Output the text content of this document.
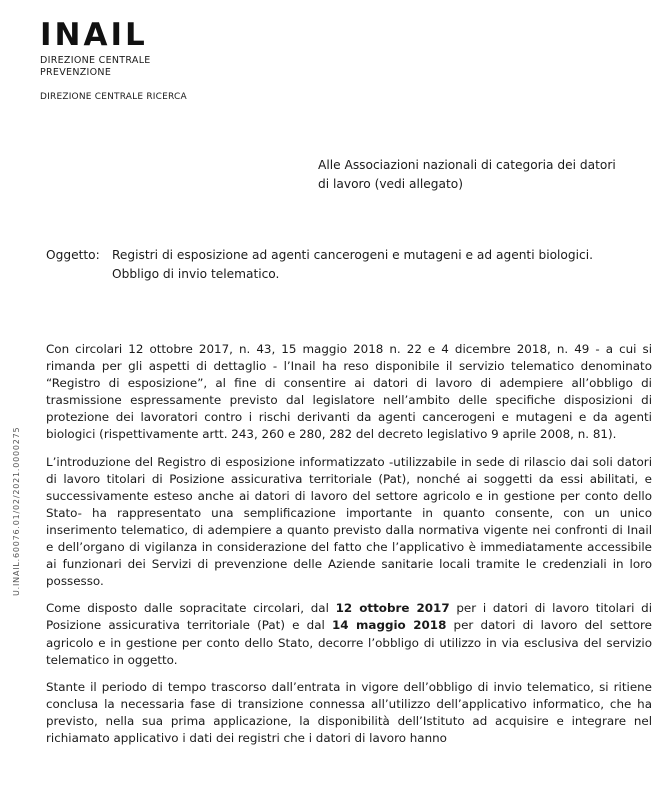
INAIL
DIREZIONE CENTRALE
PREVENZIONE
DIREZIONE CENTRALE RICERCA
Alle Associazioni nazionali di categoria dei datori
di lavoro (vedi allegato)
Oggetto: Registri di esposizione ad agenti cancerogeni e mutageni e ad agenti biologici.
Obbligo di invio telematico.
U.INAIL.60076.01/02/2021.0000275

Con circolari 12 ottobre 2017, n. 43, 15 maggio 2018 n. 22 e 4 dicembre 2018, n. 49 - a cui si rimanda per gli aspetti di dettaglio - l’Inail ha reso disponibile il servizio telematico denominato “Registro di esposizione”, al fine di consentire ai datori di lavoro di adempiere all’obbligo di trasmissione espressamente previsto dal legislatore nell’ambito delle specifiche disposizioni di protezione dei lavoratori contro i rischi derivanti da agenti cancerogeni e mutageni e da agenti biologici (rispettivamente artt. 243, 260 e 280, 282 del decreto legislativo 9 aprile 2008, n. 81).

L’introduzione del Registro di esposizione informatizzato -utilizzabile in sede di rilascio dai soli datori di lavoro titolari di Posizione assicurativa territoriale (Pat), nonché ai soggetti da essi abilitati, e successivamente esteso anche ai datori di lavoro del settore agricolo e in gestione per conto dello Stato- ha rappresentato una semplificazione importante in quanto consente, con un unico inserimento telematico, di adempiere a quanto previsto dalla normativa vigente nei confronti di Inail e dell’organo di vigilanza in considerazione del fatto che l’applicativo è immediatamente accessibile ai funzionari dei Servizi di prevenzione delle Aziende sanitarie locali tramite le credenziali in loro possesso.

Come disposto dalle sopracitate circolari, dal 12 ottobre 2017 per i datori di lavoro titolari di Posizione assicurativa territoriale (Pat) e dal 14 maggio 2018 per datori di lavoro del settore agricolo e in gestione per conto dello Stato, decorre l’obbligo di utilizzo in via esclusiva del servizio telematico in oggetto.

Stante il periodo di tempo trascorso dall’entrata in vigore dell’obbligo di invio telematico, si ritiene conclusa la necessaria fase di transizione connessa all’utilizzo dell’applicativo informatico, che ha previsto, nella sua prima applicazione, la disponibilità dell’Istituto ad acquisire e integrare nel richiamato applicativo i dati dei registri che i datori di lavoro hanno
